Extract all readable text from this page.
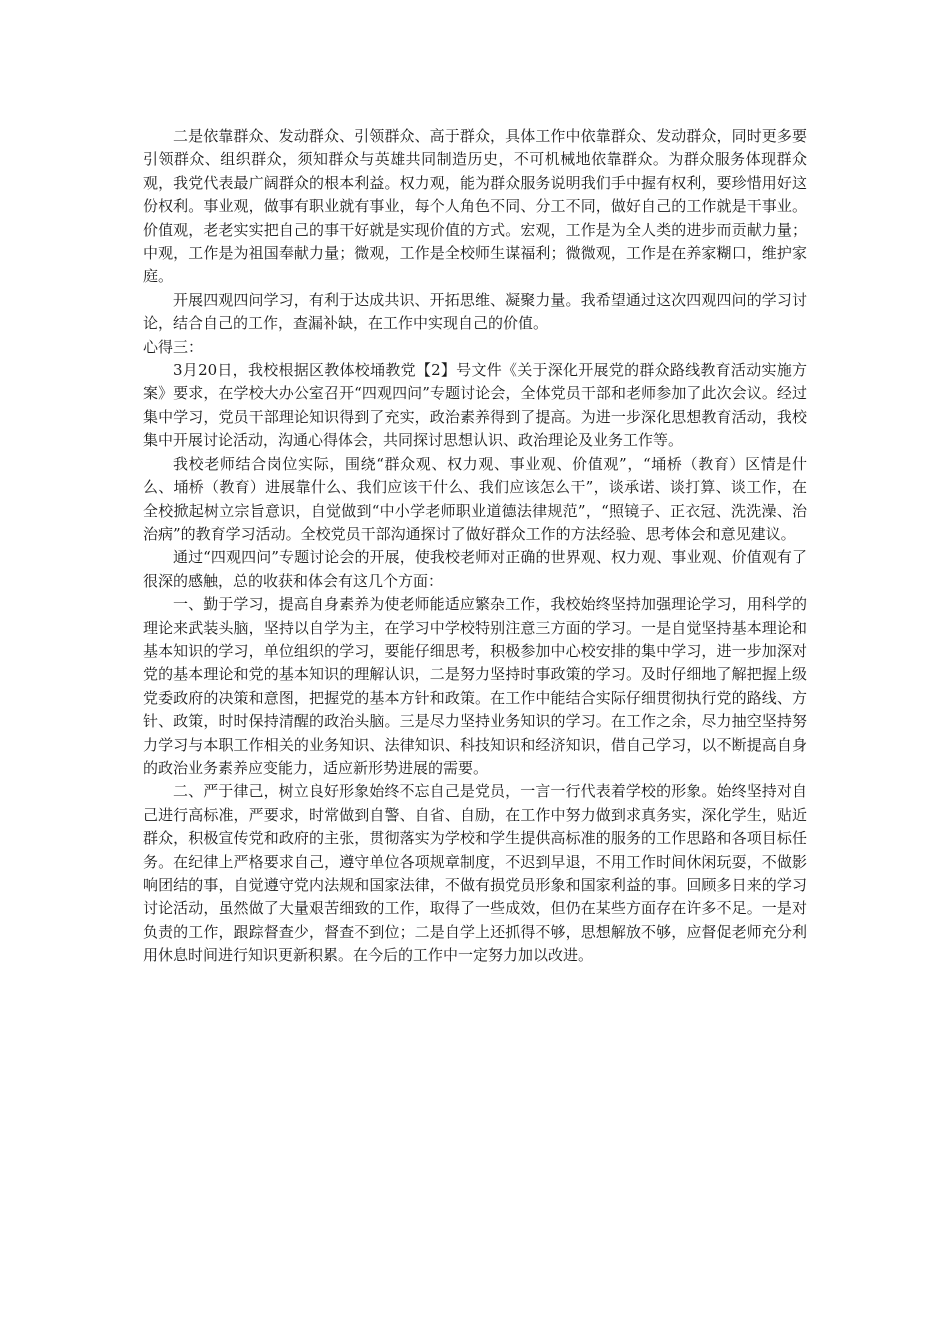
二是依靠群众、发动群众、引领群众、高于群众，具体工作中依靠群众、发动群众，同时更多要引领群众、组织群众，须知群众与英雄共同制造历史，不可机械地依靠群众。为群众服务体现群众观，我党代表最广阔群众的根本利益。权力观，能为群众服务说明我们手中握有权利，要珍惜用好这份权利。事业观，做事有职业就有事业，每个人角色不同、分工不同，做好自己的工作就是干事业。价值观，老老实实把自己的事干好就是实现价值的方式。宏观，工作是为全人类的进步而贡献力量；中观，工作是为祖国奉献力量；微观，工作是全校师生谋福利；微微观，工作是在养家糊口，维护家庭。

开展四观四问学习，有利于达成共识、开拓思维、凝聚力量。我希望通过这次四观四问的学习讨论，结合自己的工作，查漏补缺，在工作中实现自己的价值。

心得三：

3月20日，我校根据区教体校埇教党【2】号文件《关于深化开展党的群众路线教育活动实施方案》要求，在学校大办公室召开“四观四问”专题讨论会，全体党员干部和老师参加了此次会议。经过集中学习，党员干部理论知识得到了充实，政治素养得到了提高。为进一步深化思想教育活动，我校集中开展讨论活动，沟通心得体会，共同探讨思想认识、政治理论及业务工作等。

我校老师结合岗位实际，围绕“群众观、权力观、事业观、价值观”，“埇桥（教育）区情是什么、埇桥（教育）进展靠什么、我们应该干什么、我们应该怎么干”，谈承诺、谈打算、谈工作，在全校掀起树立宗旨意识，自觉做到“中小学老师职业道德法律规范”，“照镜子、正衣冠、洗洗澡、治治病”的教育学习活动。全校党员干部沟通探讨了做好群众工作的方法经验、思考体会和意见建议。

通过“四观四问”专题讨论会的开展，使我校老师对正确的世界观、权力观、事业观、价值观有了很深的感触，总的收获和体会有这几个方面：

一、勤于学习，提高自身素养为使老师能适应繁杂工作，我校始终坚持加强理论学习，用科学的理论来武装头脑，坚持以自学为主，在学习中学校特别注意三方面的学习。一是自觉坚持基本理论和基本知识的学习，单位组织的学习，要能仔细思考，积极参加中心校安排的集中学习，进一步加深对党的基本理论和党的基本知识的理解认识，二是努力坚持时事政策的学习。及时仔细地了解把握上级党委政府的决策和意图，把握党的基本方针和政策。在工作中能结合实际仔细贯彻执行党的路线、方针、政策，时时保持清醒的政治头脑。三是尽力坚持业务知识的学习。在工作之余，尽力抽空坚持努力学习与本职工作相关的业务知识、法律知识、科技知识和经济知识，借自己学习，以不断提高自身的政治业务素养应变能力，适应新形势进展的需要。

二、严于律己，树立良好形象始终不忘自己是党员，一言一行代表着学校的形象。始终坚持对自己进行高标准，严要求，时常做到自警、自省、自励，在工作中努力做到求真务实，深化学生，贴近群众，积极宣传党和政府的主张，贯彻落实为学校和学生提供高标准的服务的工作思路和各项目标任务。在纪律上严格要求自己，遵守单位各项规章制度，不迟到早退，不用工作时间休闲玩耍，不做影响团结的事，自觉遵守党内法规和国家法律，不做有损党员形象和国家利益的事。回顾多日来的学习讨论活动，虽然做了大量艰苦细致的工作，取得了一些成效，但仍在某些方面存在许多不足。一是对负责的工作，跟踪督查少，督查不到位；二是自学上还抓得不够，思想解放不够，应督促老师充分利用休息时间进行知识更新积累。在今后的工作中一定努力加以改进。
